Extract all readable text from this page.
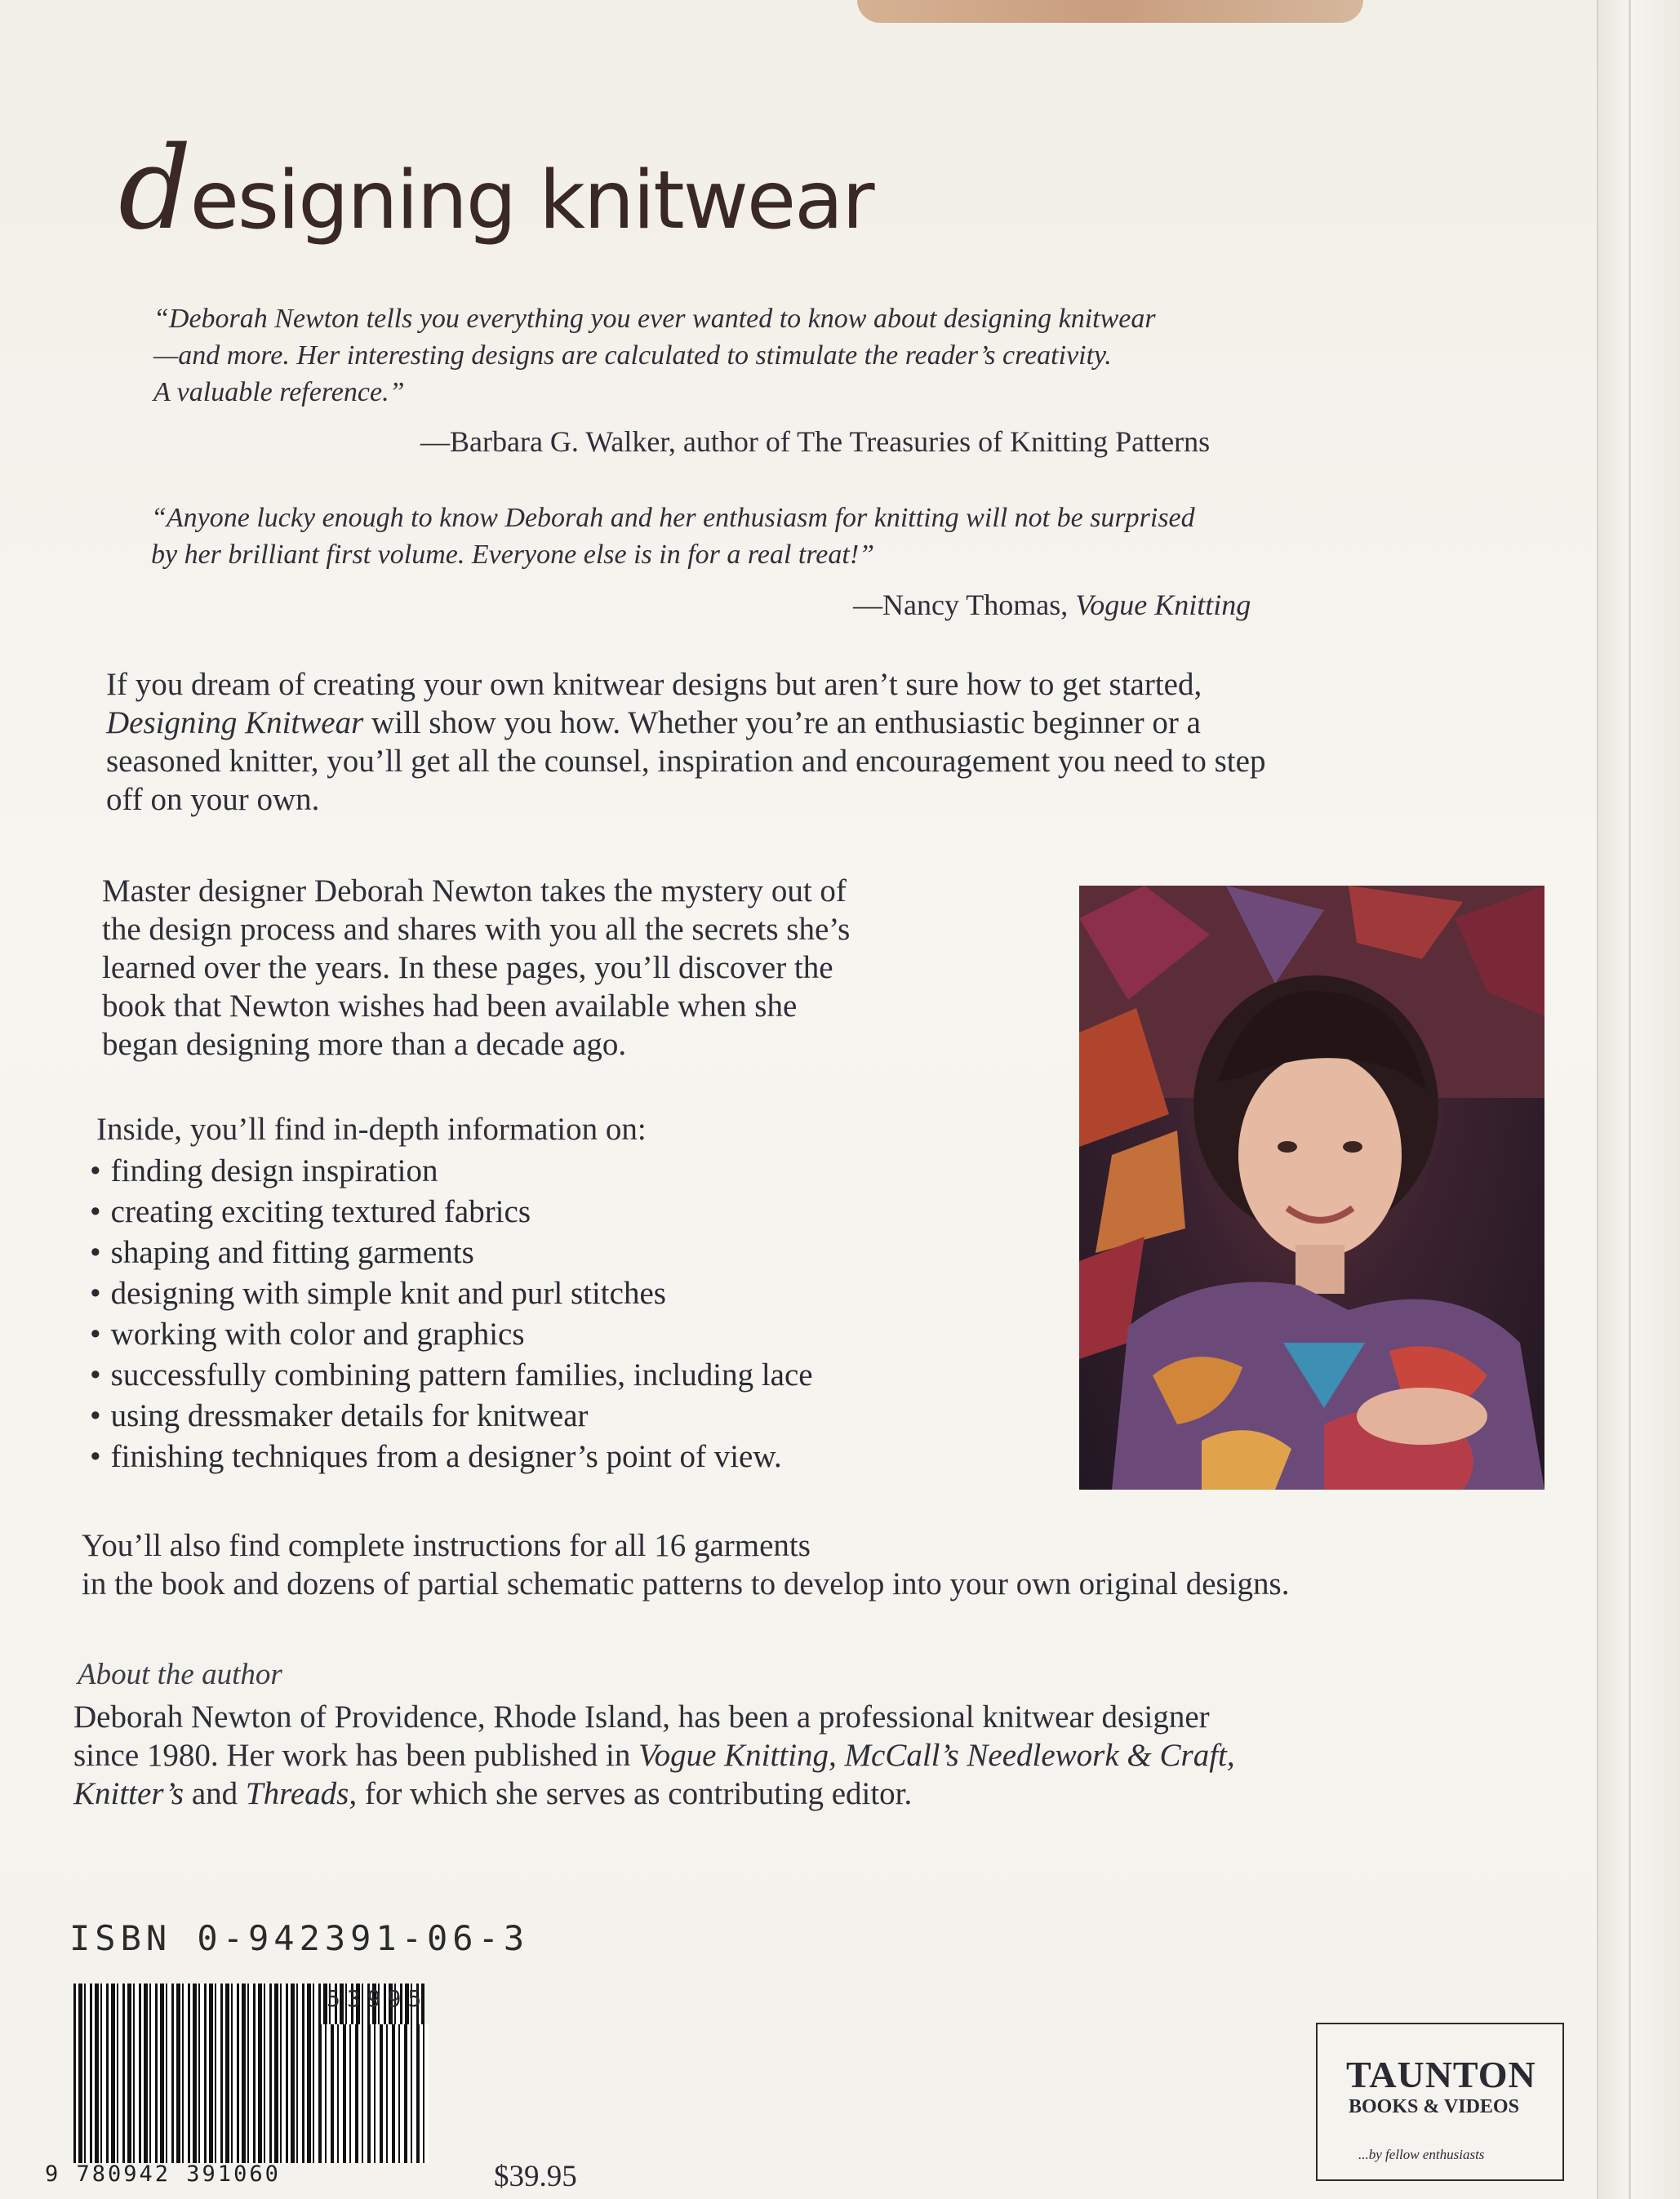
designing knitwear
“Deborah Newton tells you everything you ever wanted to know about designing knitwear
—and more. Her interesting designs are calculated to stimulate the reader’s creativity.
A valuable reference.”
—Barbara G. Walker, author of The Treasuries of Knitting Patterns
“Anyone lucky enough to know Deborah and her enthusiasm for knitting will not be surprised
by her brilliant first volume. Everyone else is in for a real treat!”
—Nancy Thomas, Vogue Knitting
If you dream of creating your own knitwear designs but aren’t sure how to get started,
Designing Knitwear will show you how. Whether you’re an enthusiastic beginner or a
seasoned knitter, you’ll get all the counsel, inspiration and encouragement you need to step
off on your own.
Master designer Deborah Newton takes the mystery out of
the design process and shares with you all the secrets she’s
learned over the years. In these pages, you’ll discover the
book that Newton wishes had been available when she
began designing more than a decade ago.
Inside, you’ll find in-depth information on:
• finding design inspiration
• creating exciting textured fabrics
• shaping and fitting garments
• designing with simple knit and purl stitches
• working with color and graphics
• successfully combining pattern families, including lace
• using dressmaker details for knitwear
• finishing techniques from a designer’s point of view.
You’ll also find complete instructions for all 16 garments
in the book and dozens of partial schematic patterns to develop into your own original designs.
About the author
Deborah Newton of Providence, Rhode Island, has been a professional knitwear designer
since 1980. Her work has been published in Vogue Knitting, McCall’s Needlework & Craft,
Knitter’s and Threads, for which she serves as contributing editor.
ISBN 0-942391-06-3
53995
9 780942 391060	$39.95
TAUNTON
BOOKS & VIDEOS
...by fellow enthusiasts
